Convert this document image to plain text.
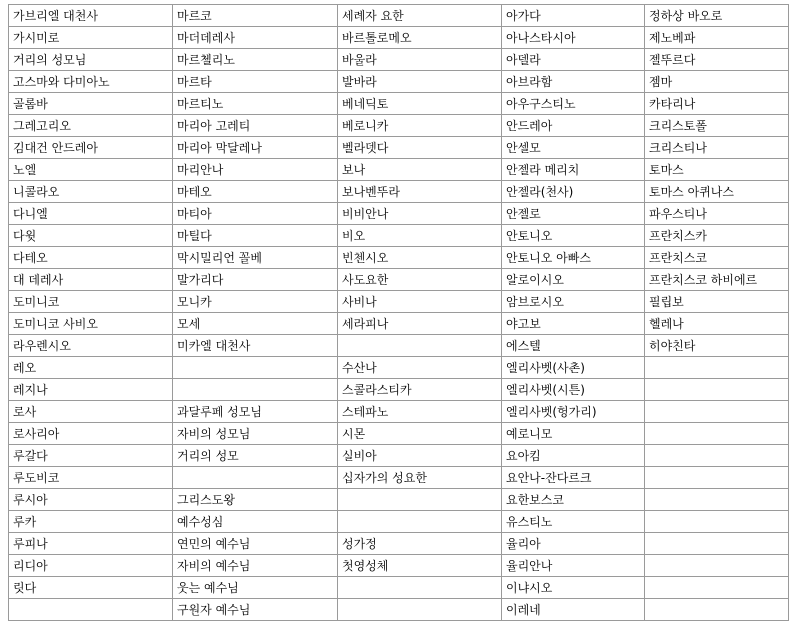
가브리엘 대천사	마르코	세례자 요한	아가다	정하상 바오로
가시미로	마더데레사	바르톨로메오	아나스타시아	제노베파
거리의 성모님	마르첼리노	바울라	아델라	젤뚜르다
고스마와 다미아노	마르타	발바라	아브라함	젬마
골롬바	마르티노	베네딕토	아우구스티노	카타리나
그레고리오	마리아 고레티	베로니카	안드레아	크리스토폴
김대건 안드레아	마리아 막달레나	벨라뎃다	안셀모	크리스티나
노엘	마리안나	보나	안젤라 메리치	토마스
니콜라오	마테오	보나벤뚜라	안젤라(천사)	토마스 아퀴나스
다니엘	마티아	비비안나	안젤로	파우스티나
다윗	마틸다	비오	안토니오	프란치스카
다테오	막시밀리언 꼴베	빈첸시오	안토니오 아빠스	프란치스코
대 데레사	말가리다	사도요한	알로이시오	프란치스코 하비에르
도미니코	모니카	사비나	암브로시오	필립보
도미니코 사비오	모세	세라피나	야고보	헬레나
라우렌시오	미카엘 대천사		에스텔	히야친타
레오		수산나	엘리사벳(사촌)	
레지나		스콜라스티카	엘리사벳(시튼)	
로사	과달루페 성모님	스테파노	엘리사벳(헝가리)	
로사리아	자비의 성모님	시몬	예로니모	
루갈다	거리의 성모	실비아	요아킴	
루도비코		십자가의 성요한	요안나-잔다르크	
루시아	그리스도왕		요한보스코	
루카	예수성심		유스티노	
루피나	연민의 예수님	성가정	율리아	
리디아	자비의 예수님	첫영성체	율리안나	
릿다	웃는 예수님		이냐시오	
	구원자 예수님		이레네	
